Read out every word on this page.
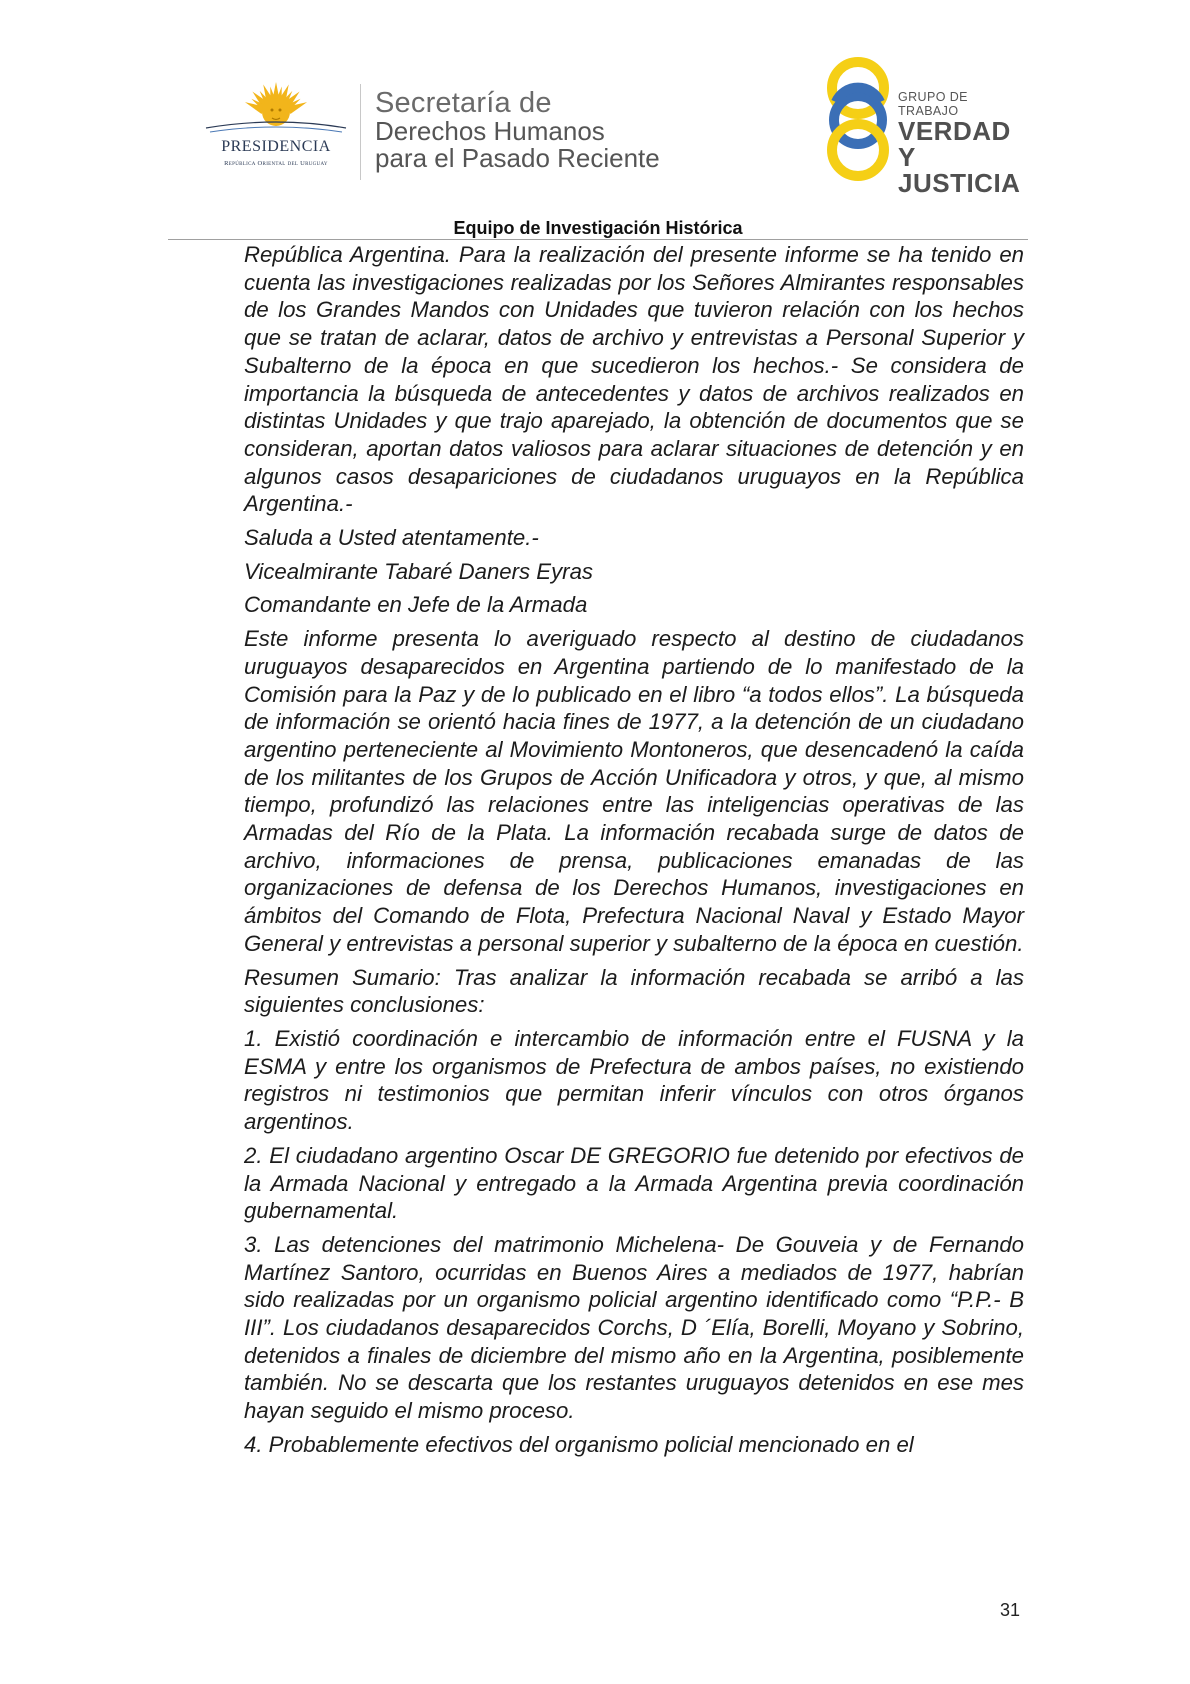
PRESIDENCIA
República Oriental del Uruguay
Secretaría de
Derechos Humanos
para el Pasado Reciente
GRUPO DE TRABAJO
VERDAD Y
JUSTICIA
Equipo de Investigación Histórica

República Argentina. Para la realización del presente informe se ha tenido en cuenta las investigaciones realizadas por los Señores Almirantes responsables de los Grandes Mandos con Unidades que tuvieron relación con los hechos que se tratan de aclarar, datos de archivo y entrevistas a Personal Superior y Subalterno de la época en que sucedieron los hechos.- Se considera de importancia la búsqueda de antecedentes y datos de archivos realizados en distintas Unidades y que trajo aparejado, la obtención de documentos que se consideran, aportan datos valiosos para aclarar situaciones de detención y en algunos casos desapariciones de ciudadanos uruguayos en la República Argentina.-

Saluda a Usted atentamente.-

Vicealmirante Tabaré Daners Eyras

Comandante en Jefe de la Armada

Este informe presenta lo averiguado respecto al destino de ciudadanos uruguayos desaparecidos en Argentina partiendo de lo manifestado de la Comisión para la Paz y de lo publicado en el libro “a todos ellos”. La búsqueda de información se orientó hacia fines de 1977, a la detención de un ciudadano argentino perteneciente al Movimiento Montoneros, que desencadenó la caída de los militantes de los Grupos de Acción Unificadora y otros, y que, al mismo tiempo, profundizó las relaciones entre las inteligencias operativas de las Armadas del Río de la Plata. La información recabada surge de datos de archivo, informaciones de prensa, publicaciones emanadas de las organizaciones de defensa de los Derechos Humanos, investigaciones en ámbitos del Comando de Flota, Prefectura Nacional Naval y Estado Mayor General y entrevistas a personal superior y subalterno de la época en cuestión.

Resumen Sumario: Tras analizar la información recabada se arribó a las siguientes conclusiones:

1. Existió coordinación e intercambio de información entre el FUSNA y la ESMA y entre los organismos de Prefectura de ambos países, no existiendo registros ni testimonios que permitan inferir vínculos con otros órganos argentinos.

2. El ciudadano argentino Oscar DE GREGORIO fue detenido por efectivos de la Armada Nacional y entregado a la Armada Argentina previa coordinación gubernamental.

3. Las detenciones del matrimonio Michelena- De Gouveia y de Fernando Martínez Santoro, ocurridas en Buenos Aires a mediados de 1977, habrían sido realizadas por un organismo policial argentino identificado como “P.P.- B III”. Los ciudadanos desaparecidos Corchs, D ´Elía, Borelli, Moyano y Sobrino, detenidos a finales de diciembre del mismo año en la Argentina, posiblemente también. No se descarta que los restantes uruguayos detenidos en ese mes hayan seguido el mismo proceso.

4. Probablemente efectivos del organismo policial mencionado en el

31
